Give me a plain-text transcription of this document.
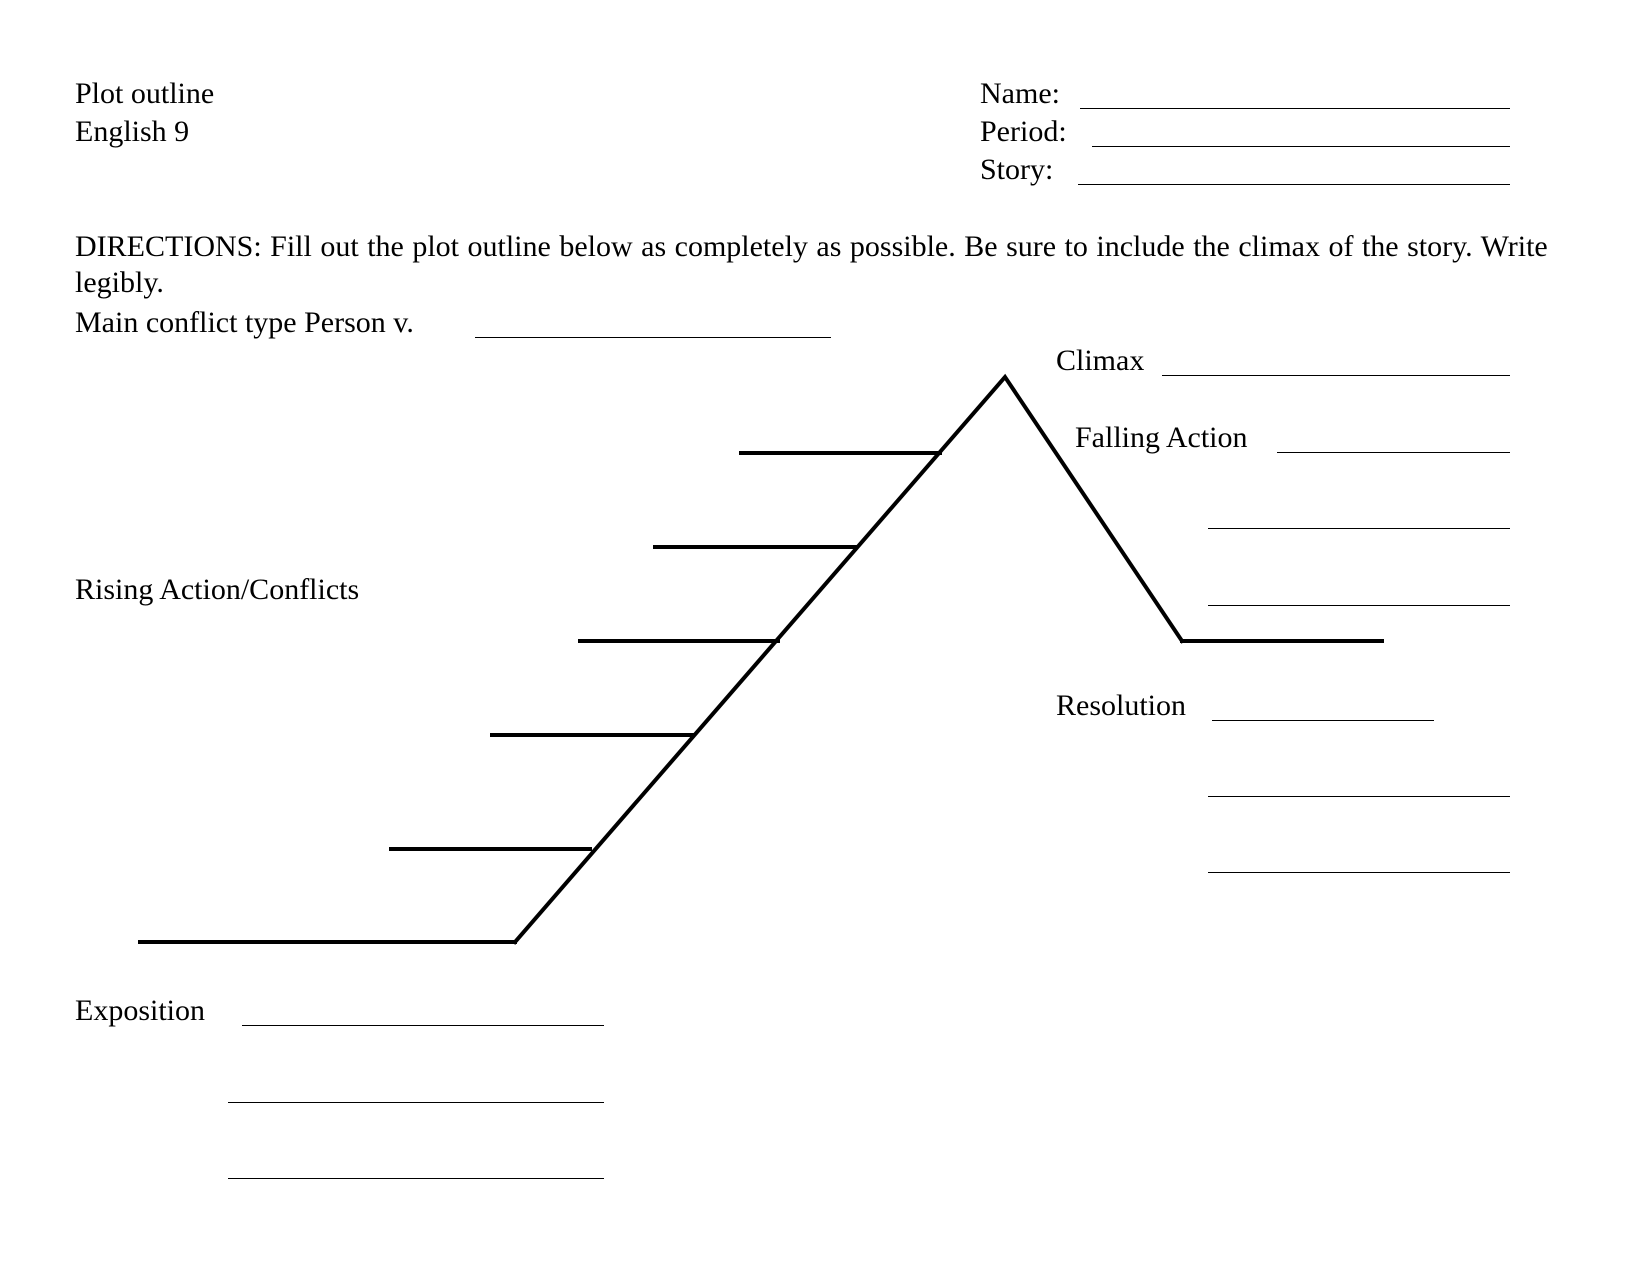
Plot outline
English 9
Name:
Period:
Story:
DIRECTIONS: Fill out the plot outline below as completely as possible. Be sure to include the climax of the story. Write legibly.
Main conflict type Person v.
Climax
Falling Action
Rising Action/Conflicts
Resolution
Exposition
